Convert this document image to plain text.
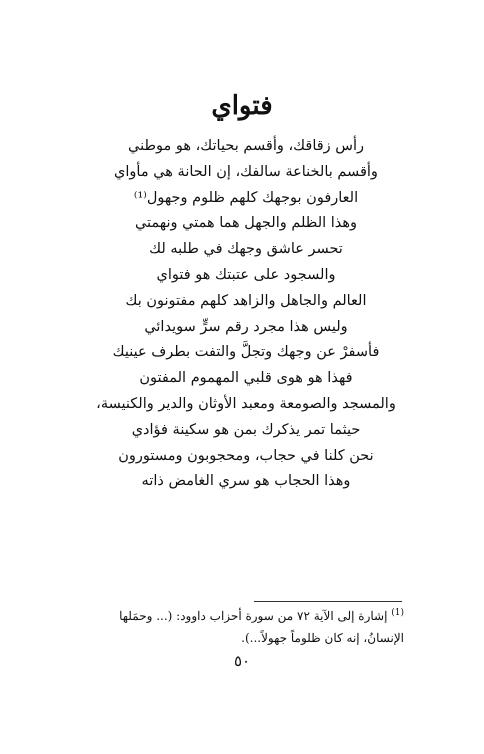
فتواي
رأس زقاقك، وأقسم بحياتك، هو موطني
وأقسم بالخناعة سالفك، إن الحانة هي مأواي
العارفون بوجهك كلهم ظلوم وجهول⁽¹⁾
وهذا الظلم والجهل هما همتي ونهمتي
تحسر عاشق وجهك في طلبه لك
والسجود على عتبتك هو فتواي
العالم والجاهل والزاهد كلهم مفتونون بك
وليس هذا مجرد رقم سرٍّ سويدائي
فأسفرْ عن وجهك وتجلَّ والتفت بطرف عينيك
فهذا هو هوى قلبي المهموم المفتون
والمسجد والصومعة ومعبد الأوثان والدير والكنيسة،
حيثما تمر يذكرك بمن هو سكينة فؤادي
نحن كلنا في حجاب، ومحجوبون ومستورون
وهذا الحجاب هو سري الغامض ذاته
$^{(1)}$ إشارة إلى الآية ٧٢ من سورة أحزاب داوود: (... وحمَلها الإنسانُ، إنه كان ظلوماً جهولاً...).
٥٠
